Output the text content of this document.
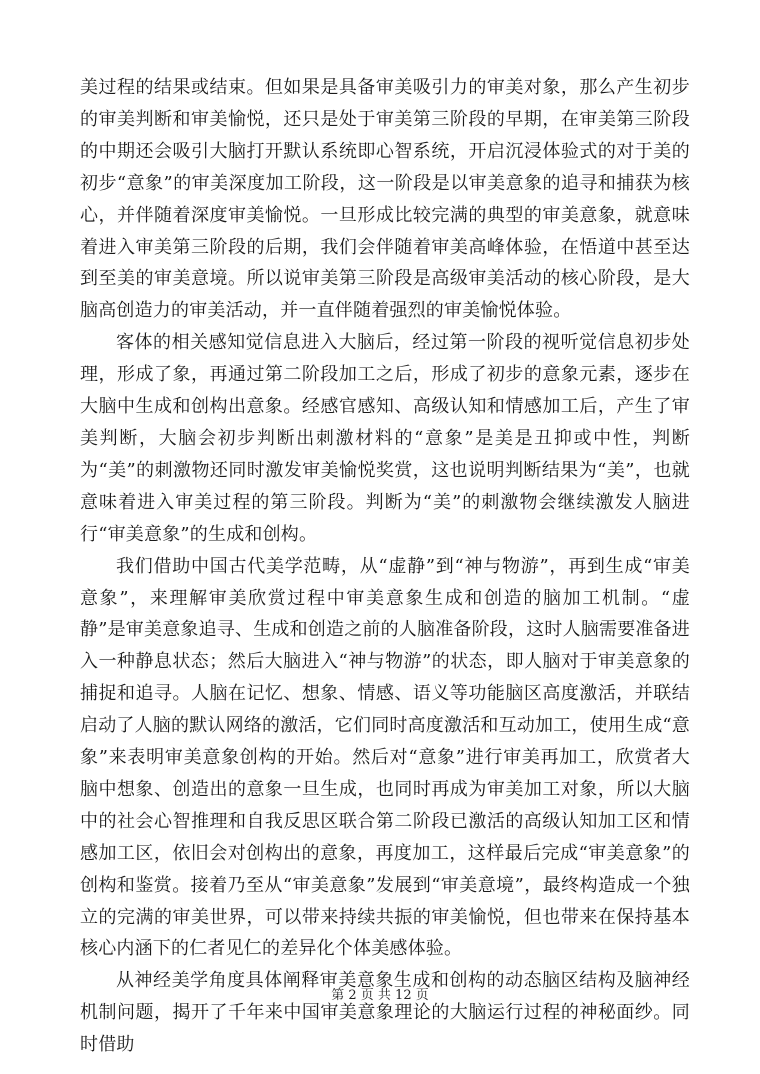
美过程的结果或结束。但如果是具备审美吸引力的审美对象，那么产生初步的审美判断和审美愉悦，还只是处于审美第三阶段的早期，在审美第三阶段的中期还会吸引大脑打开默认系统即心智系统，开启沉浸体验式的对于美的初步“意象”的审美深度加工阶段，这一阶段是以审美意象的追寻和捕获为核心，并伴随着深度审美愉悦。一旦形成比较完满的典型的审美意象，就意味着进入审美第三阶段的后期，我们会伴随着审美高峰体验，在悟道中甚至达到至美的审美意境。所以说审美第三阶段是高级审美活动的核心阶段，是大脑高创造力的审美活动，并一直伴随着强烈的审美愉悦体验。

客体的相关感知觉信息进入大脑后，经过第一阶段的视听觉信息初步处理，形成了象，再通过第二阶段加工之后，形成了初步的意象元素，逐步在大脑中生成和创构出意象。经感官感知、高级认知和情感加工后，产生了审美判断，大脑会初步判断出刺激材料的“意象”是美是丑抑或中性，判断为“美”的刺激物还同时激发审美愉悦奖赏，这也说明判断结果为“美”，也就意味着进入审美过程的第三阶段。判断为“美”的刺激物会继续激发人脑进行“审美意象”的生成和创构。

我们借助中国古代美学范畴，从“虚静”到“神与物游”，再到生成“审美意象”，来理解审美欣赏过程中审美意象生成和创造的脑加工机制。“虚静”是审美意象追寻、生成和创造之前的人脑准备阶段，这时人脑需要准备进入一种静息状态；然后大脑进入“神与物游”的状态，即人脑对于审美意象的捕捉和追寻。人脑在记忆、想象、情感、语义等功能脑区高度激活，并联结启动了人脑的默认网络的激活，它们同时高度激活和互动加工，使用生成“意象”来表明审美意象创构的开始。然后对“意象”进行审美再加工，欣赏者大脑中想象、创造出的意象一旦生成，也同时再成为审美加工对象，所以大脑中的社会心智推理和自我反思区联合第二阶段已激活的高级认知加工区和情感加工区，依旧会对创构出的意象，再度加工，这样最后完成“审美意象”的创构和鉴赏。接着乃至从“审美意象”发展到“审美意境”，最终构造成一个独立的完满的审美世界，可以带来持续共振的审美愉悦，但也带来在保持基本核心内涵下的仁者见仁的差异化个体美感体验。

从神经美学角度具体阐释审美意象生成和创构的动态脑区结构及脑神经机制问题，揭开了千年来中国审美意象理论的大脑运行过程的神秘面纱。同时借助

第 2 页 共 12 页
